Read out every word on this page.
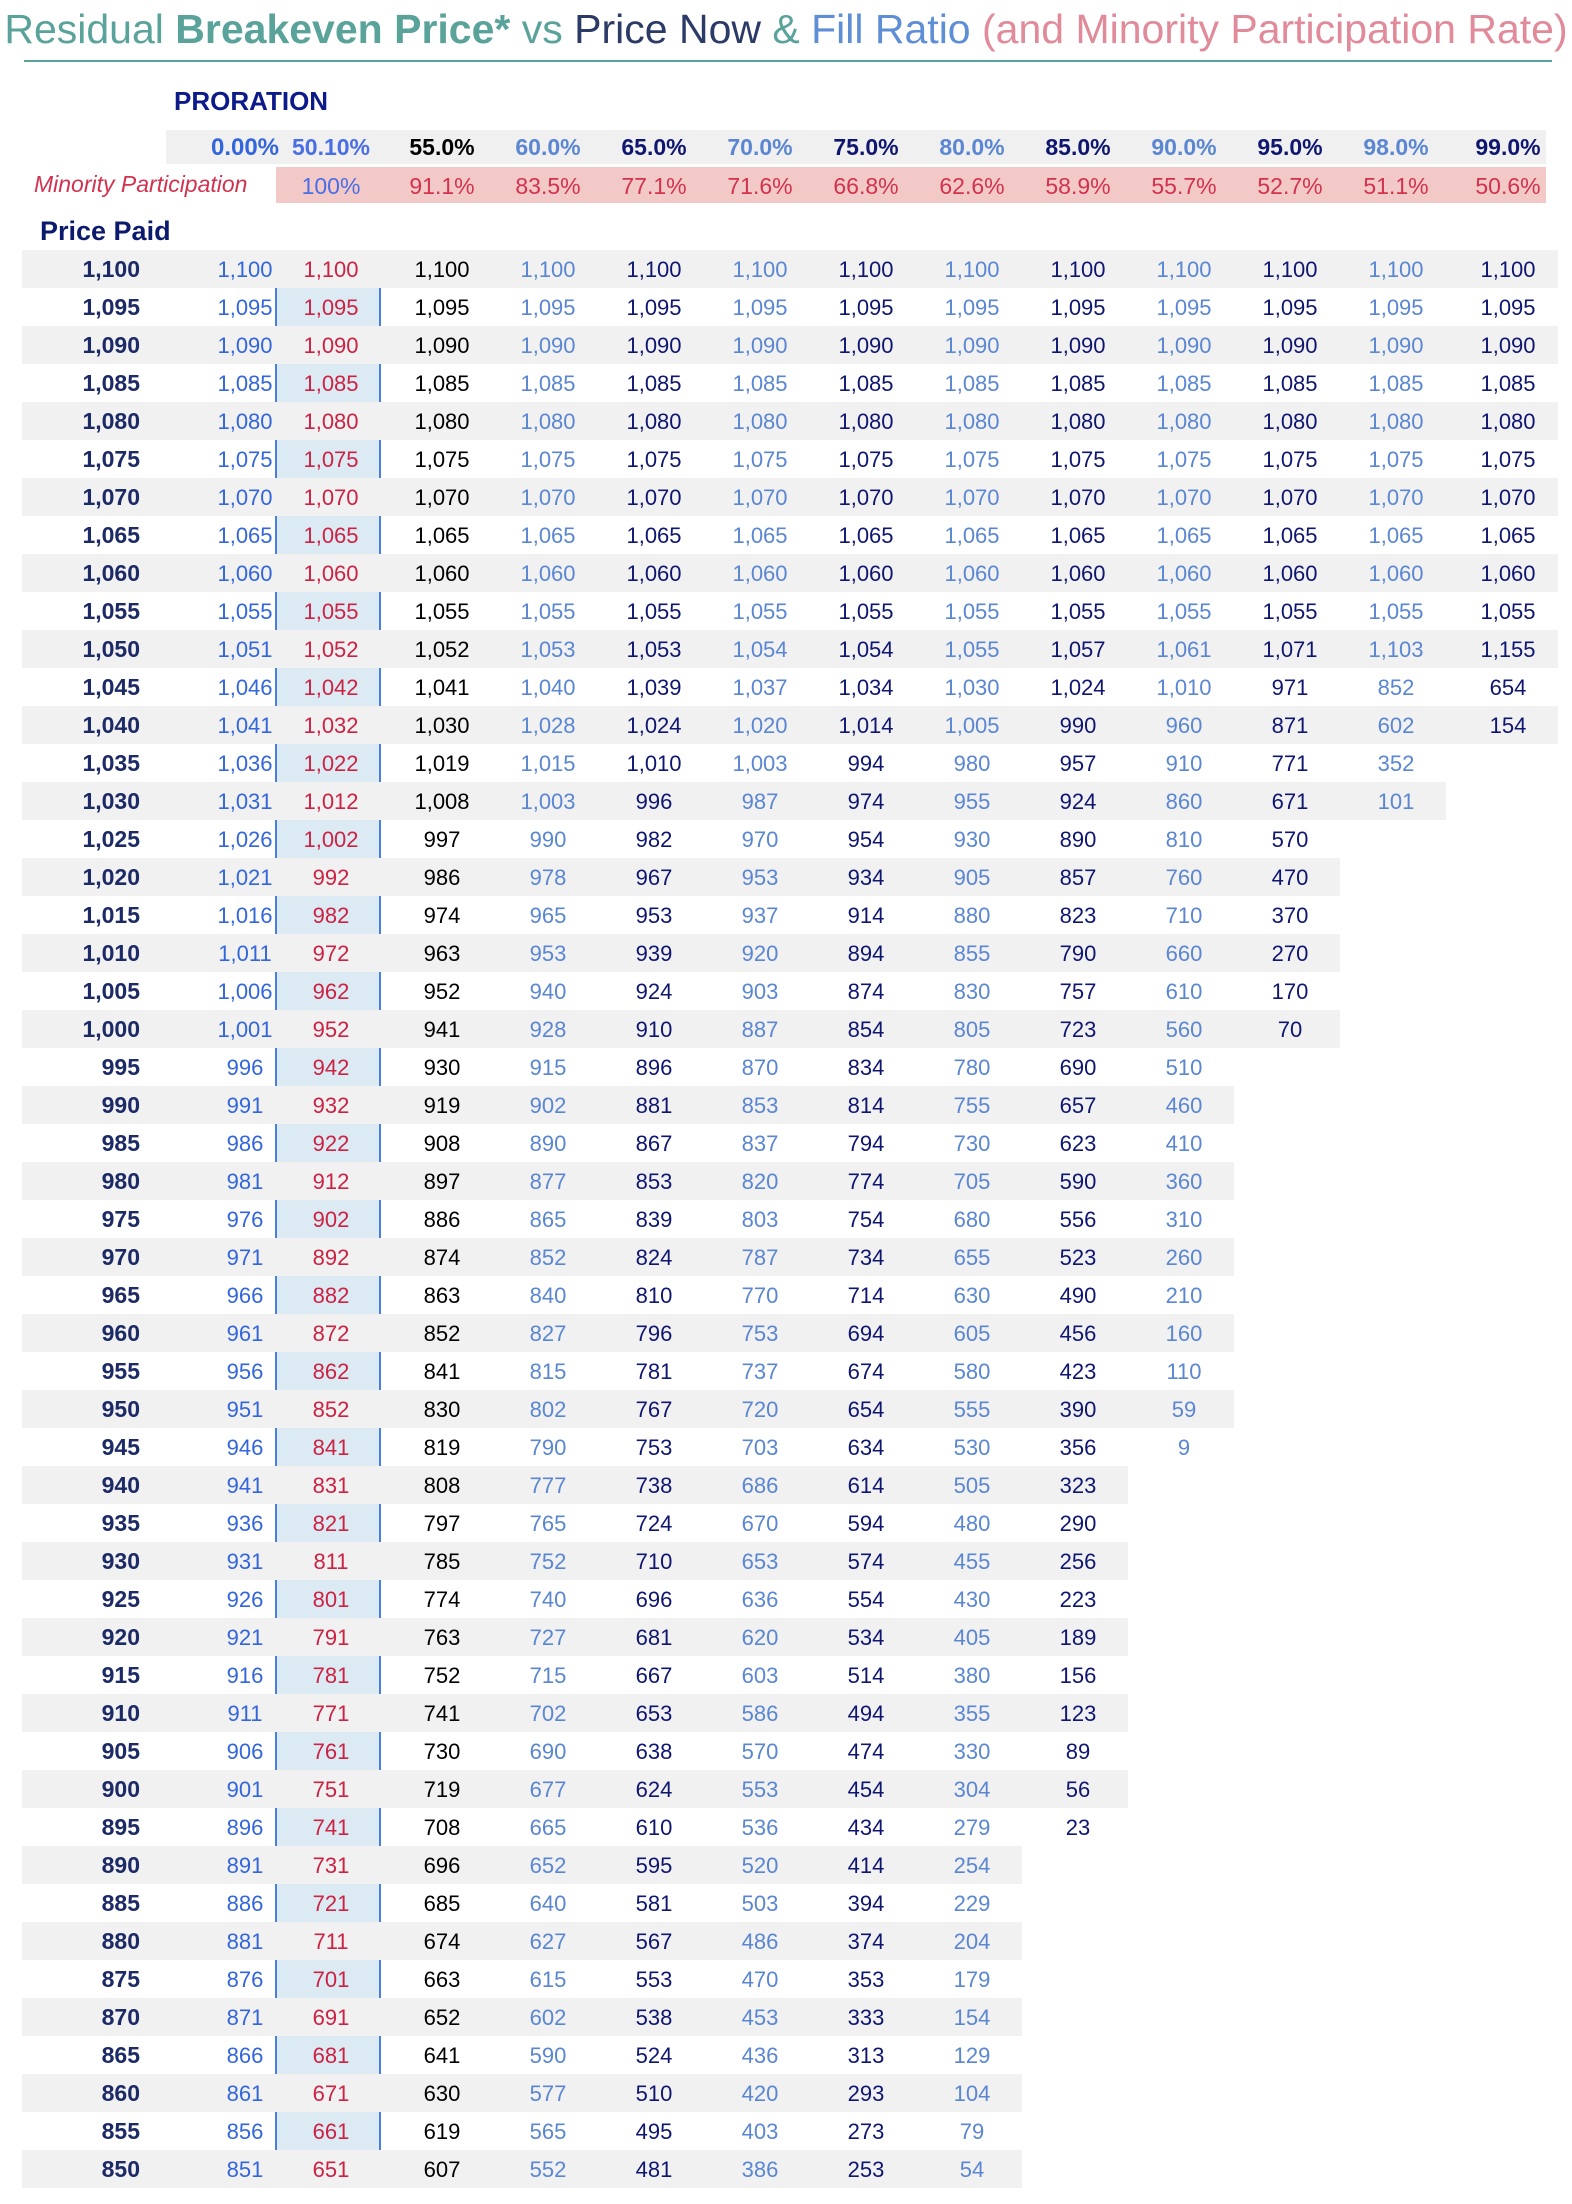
Residual Breakeven Price* vs Price Now & Fill Ratio (and Minority Participation Rate)
PRORATION
Minority Participation
Price Paid
0.00% 50.10%	55.0%	60.0%	65.0%	70.0%	75.0%	80.0%	85.0%	90.0%	95.0%	98.0%	99.0%
100%	91.1%	83.5%	77.1%	71.6%	66.8%	62.6%	58.9%	55.7%	52.7%	51.1%	50.6%
1,100	1,100	1,100	1,100	1,100	1,100	1,100	1,100	1,100	1,100	1,100	1,100	1,100	1,100
1,095	1,095	1,095	1,095	1,095	1,095	1,095	1,095	1,095	1,095	1,095	1,095	1,095	1,095
1,090	1,090	1,090	1,090	1,090	1,090	1,090	1,090	1,090	1,090	1,090	1,090	1,090	1,090
1,085	1,085	1,085	1,085	1,085	1,085	1,085	1,085	1,085	1,085	1,085	1,085	1,085	1,085
1,080	1,080	1,080	1,080	1,080	1,080	1,080	1,080	1,080	1,080	1,080	1,080	1,080	1,080
1,075	1,075	1,075	1,075	1,075	1,075	1,075	1,075	1,075	1,075	1,075	1,075	1,075	1,075
1,070	1,070	1,070	1,070	1,070	1,070	1,070	1,070	1,070	1,070	1,070	1,070	1,070	1,070
1,065	1,065	1,065	1,065	1,065	1,065	1,065	1,065	1,065	1,065	1,065	1,065	1,065	1,065
1,060	1,060	1,060	1,060	1,060	1,060	1,060	1,060	1,060	1,060	1,060	1,060	1,060	1,060
1,055	1,055	1,055	1,055	1,055	1,055	1,055	1,055	1,055	1,055	1,055	1,055	1,055	1,055
1,050	1,051	1,052	1,052	1,053	1,053	1,054	1,054	1,055	1,057	1,061	1,071	1,103	1,155
1,045	1,046	1,042	1,041	1,040	1,039	1,037	1,034	1,030	1,024	1,010	971	852	654
1,040	1,041	1,032	1,030	1,028	1,024	1,020	1,014	1,005	990	960	871	602	154
1,035	1,036	1,022	1,019	1,015	1,010	1,003	994	980	957	910	771	352
1,030	1,031	1,012	1,008	1,003	996	987	974	955	924	860	671	101
1,025	1,026	1,002	997	990	982	970	954	930	890	810	570
1,020	1,021	992	986	978	967	953	934	905	857	760	470
1,015	1,016	982	974	965	953	937	914	880	823	710	370
1,010	1,011	972	963	953	939	920	894	855	790	660	270
1,005	1,006	962	952	940	924	903	874	830	757	610	170
1,000	1,001	952	941	928	910	887	854	805	723	560	70
995	996	942	930	915	896	870	834	780	690	510
990	991	932	919	902	881	853	814	755	657	460
985	986	922	908	890	867	837	794	730	623	410
980	981	912	897	877	853	820	774	705	590	360
975	976	902	886	865	839	803	754	680	556	310
970	971	892	874	852	824	787	734	655	523	260
965	966	882	863	840	810	770	714	630	490	210
960	961	872	852	827	796	753	694	605	456	160
955	956	862	841	815	781	737	674	580	423	110
950	951	852	830	802	767	720	654	555	390	59
945	946	841	819	790	753	703	634	530	356	9
940	941	831	808	777	738	686	614	505	323
935	936	821	797	765	724	670	594	480	290
930	931	811	785	752	710	653	574	455	256
925	926	801	774	740	696	636	554	430	223
920	921	791	763	727	681	620	534	405	189
915	916	781	752	715	667	603	514	380	156
910	911	771	741	702	653	586	494	355	123
905	906	761	730	690	638	570	474	330	89
900	901	751	719	677	624	553	454	304	56
895	896	741	708	665	610	536	434	279	23
890	891	731	696	652	595	520	414	254
885	886	721	685	640	581	503	394	229
880	881	711	674	627	567	486	374	204
875	876	701	663	615	553	470	353	179
870	871	691	652	602	538	453	333	154
865	866	681	641	590	524	436	313	129
860	861	671	630	577	510	420	293	104
855	856	661	619	565	495	403	273	79
850	851	651	607	552	481	386	253	54
